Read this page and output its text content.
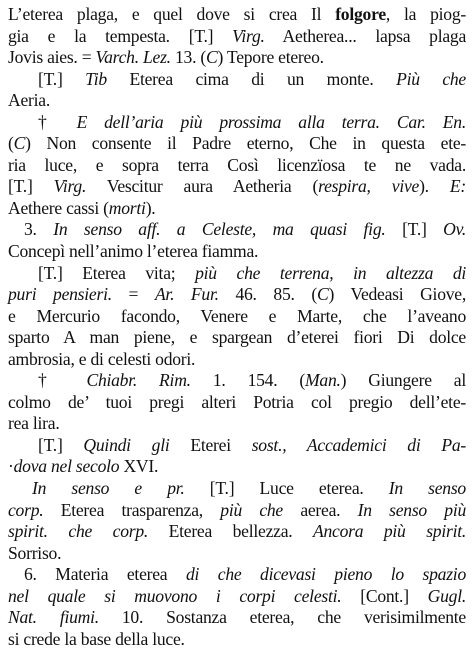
L’eterea plaga, e quel dove si crea Il folgore, la piog-
gia e la tempesta. [T.] Virg. Aetherea... lapsa plaga
Jovis aies. = Varch. Lez. 13. (C) Tepore etereo.
[T.] Tib Eterea cima di un monte. Più che
Aeria.
† E dell’aria più prossima alla terra. Car. En.
(C) Non consente il Padre eterno, Che in questa ete-
ria luce, e sopra terra Così licenzïosa te ne vada.
[T.] Virg. Vescitur aura Aetheria (respira, vive). E:
Aethere cassi (morti).
3. In senso aff. a Celeste, ma quasi fig. [T.] Ov.
Concepì nell’animo l’eterea fiamma.
[T.] Eterea vita; più che terrena, in altezza di
puri pensieri. = Ar. Fur. 46. 85. (C) Vedeasi Giove,
e Mercurio facondo, Venere e Marte, che l’aveano
sparto A man piene, e spargean d’eterei fiori Di dolce
ambrosia, e di celesti odori.
† Chiabr. Rim. 1. 154. (Man.) Giungere al
colmo de’ tuoi pregi alteri Potria col pregio dell’ete-
rea lira.
[T.] Quindi gli Eterei sost., Accademici di Pa-
·dova nel secolo XVI.
In senso e pr. [T.] Luce eterea. In senso
corp. Eterea trasparenza, più che aerea. In senso più
spirit. che corp. Eterea bellezza. Ancora più spirit.
Sorriso.
6. Materia eterea di che dicevasi pieno lo spazio
nel quale si muovono i corpi celesti. [Cont.] Gugl.
Nat. fiumi. 10. Sostanza eterea, che verisimilmente
si crede la base della luce.
